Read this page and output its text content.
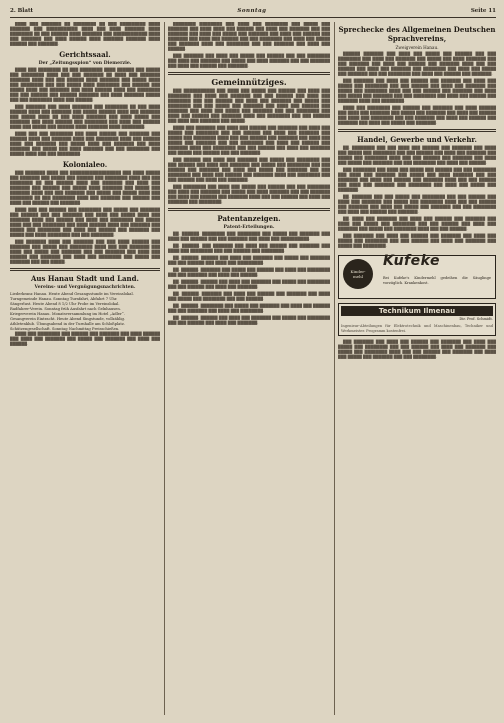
2. Blatt	Sonntag	Seite 11

████ ███ ███████ ██ ████████ ██ ███ █████████ ████ ███████ ███ ███████████ ████ ███ ████ ███████ ████ ████████ ██ ███ ██████ ████ ███████ ███ ████████████ ████ ███ ███████ ███ ████ ██████ ████ ███████ ███████ ████ ██████ ███ ███████.

Gerichtssaal.
Der „Zeitungsspion“ von Diemerzie.

████ ███ ████████ ██ ███ ████████ ████ ██████ ███ █████ ███ ████████ ████ ███ ███ ███████ ██ ████ ███ ███████ ███████ ████ ███ ███ ██████ ████ ███████ ███ █████ ████ ███ ████████ ███ ███ █████ ████ ████████ ███ ██████ ███ █████ ████ ███ ███████ ███ ████ ██████ ████ ███ ████████ ███ ███ ██████ ███ ██████ ███████ ███ ████ ███████ █████ ███ ███ ████████ ████ ███ ██████.

███ ███████ ███ ████ ███████ ███ ████████ ██ ███ ████ ██████ ████ ███ ███████ ███ █████ ██████ ████ ███ ███████ ███ █████ ████ ██ ███ ████ ███████ ███ ████ █████ ███ ███████ ███ ████ ██████ ███ ████████ ███ ████ ███ ██████ ████ ███ █████ ███ ██████ ████ ███████ ████ ████████.

████ ███ ███ ████████ ███ ████ ██████ ███ ███████ ███ ██████ ████ ███ ███████ ████ ███ ████████ ████ ███ ██████ ████ ███ ███████ ███ █████ ████ ███ ███████ ███ ████ ███████ ███ █████ ███ ████ ███████ ███ ███ ████████ ███ █████ ████ ███ ███ ████████.

Kolonialeo.

███ ███████ ████ ███ ██████████████████ ███ ████ █████ ███ ███████ ███ █████ ███ ██████ ███ ████████ ████ ███ ███ ████████ ██ ███ ██████ ████ ███ ███████ ███ ████ ███ ███████ ███ ██████ ███ █████ ████ ███████ ███ █████ ███ ███████ ████ ███ ███ ███████ ███ █████ ███ █████ ████ ███ ████████ ██ ███ ████████ ████ ███ ███████ ███ ██████ ███ ████ ███ ██████ ███ ███████.

████ ███ ███ ██████ ███ ████████ ███ █████ ███ ███████ ███ ██████ ███ ███ ███████ ███ ████ ███ █████ ████ ███ ███████ ████ ███ ██████ ███ ████ ███ ████████ ███ █████ ████ ███ ███ ████████ ███ ████ ██████ ████ ███ ███████ ███ █████ ███ ████████ ███ ████ ███ ██████ ███ ███████ ███ █████ ███ ████ ████████ ███ ███ ████████.

███ ███████ ████ ███ ███████ ███ ███ ████ ██████ ███ ███████ ███ █████ ███ ████████ ████ ███ ███ ███████ ███ ████ ███ █████ ███ ███████ ███ ███ ███████ ███ ████ ███ ██████ ███ ███████ ███ ████ ███ ████████ ███ █████ ███ ███████ ███ ███ █████.

Aus Hanau Stadt und Land.
Vereins- und Vergnügungsnachrichten.
Liederkranz Hanau. Heute Abend Gesangsstunde im Vereinslokal.
Turngemeinde Hanau. Sonntag Turnfahrt, Abfahrt 7 Uhr.
Sängerlust. Heute Abend 8 1/2 Uhr Probe im Vereinslokal.
Radfahrer-Verein. Sonntag früh Ausfahrt nach Gelnhausen.
Kriegerverein Hanau. Monatsversammlung im Hotel „Adler“.
Gesangverein Eintracht. Heute Abend Singstunde, vollzählig.
Athletenklub. Übungsabend in der Turnhalle am Schloßplatz.
Schützengesellschaft. Sonntag Nachmittag Preisschießen.

████ ███ ████████ ███ ██████ ███ ███████ ███ ████ ██████ ███ ████ ███ ███████ ███ █████ ███ ███████ ███ ████ ███ ██████.

████████ ████████ ███ ████ ███ ████████ ███ █████ ███ ███████ ███ ████ ████ ███ ██████ ███ ████ ███ ███████ ███ ███ ███████ ███ ████ ███ █████ ███ ███████ ███ ████ ███ ██████ ███ ███████ ███ ████ ███ ██████ ███ ███ ████████ ███ ████ ███ █████ ███ ███████ ████ ███ ████████ ███ ███ ███████ ███ ████ ███ ██████.

███ ███████ ███ ████ ███ █████ ███ ██████ ███ ███ ████████ ███ ████ ███ ███████ ███ █████ ███ ████ ███████ ███ ███ ███████ ███ ████ ███ ██████ ███ ███████.

Gemeinnütziges.

███ ███████████ ███ ████ ███ █████ ███ ██████ ███ ████ ███ ████████ ███ ████ ███ ███████ ███ ███ ██████ ███ ████ ███ ████████ ███ ███ ██████ ███ ████ ███ ███████ ███ █████ ███ ████████ ███ ███ █████ ███ ███████ ███ ████ ███ ██████ ███ ███████ ███ ████ ███ █████ ███ ███████ ███ ███ ████████ ███ ████ ███ ██████ ███ ███████ ████ ███ ████████ ███ ███ ██████ ███ ████ ███ ███████ ███ █████.

████ ███ ███████ ███ ████ ███ ██████ ███ ███████ ███ ████ ███ █████ ███ ████████ ███ ███ ██████ ███ ████ ███ ███████ ███ █████ ███ ████████ ████ ███ ███ ██████ ███ ███████ ███ ████ ███ █████ ███ ███████ ███ ███ ████████ ███ ████ ███ ██████ ███ ███████ ████ ███ ████████ ███ ███ ██████ ███ ████ ███ ███████ ███ █████ ███ ██████ ███ ███ ███████.

███ ██████ ███ ████ ███ ███████ ███ █████ ███ ████████ ███ ███ ██████ ███ ████ ███ ███████ ███ █████ ███ ████████ ███ ███ ██████ ███ ███████ ███ ████ ███ █████ ███ ███████ ███ ███ ████████ ███ ████ ███ ██████ ███ ███████ ████ ███ ████████ ███ ███ ██████ ███ ████ ███ ███████.

███ ████████ ███ ████ ███ █████ ███ ██████ ███ ███ ████████ ███ ████ ███ ███████ ███ █████ ███ ████ ███████ ███ ███ ███████ ███ ████ ███ ██████ ███ ███████ ████ ███ ███ ██████ ███ ████ ███ ███████ ███ ████████.

Patentanzeigen.
Patent-Erteilungen.

██. ██████. ████████ ███ ████████ ███ █████ ███ ███████ ███ ████ ███ ██████ ███ ███ ███████ ███ ████ ███ ██████████.

██. ██████. ███ ███████ ███ ████ ███ ██████ ███ ███████ ███ ████ ███ ████████ ███ ███ ██████ ███ ████████.

██. ██████. ██████ ███ ████ ███ ███████ ███ █████ ███ ███████ ███ ███ ██████ ███ ████ ███ █████████.

██. ██████. ███████ ███ █████ ███ ██████ ███ ████ ███ ████████ ███ ███ ███████ ███ ████ ███ ██████.

██. ██████. ██████ ███ ████ ███ ███████ ███ █████ ███ ████████ ███ ███ ██████ ███ ████ ███ ███████.

██. ██████. ███████ ███ ████ ███ ██████ ███ ███████ ███ ████ ███ █████ ███ ████████ ███ ███ ██████.

██. ██████. ████████ ███ █████ ███ ███████ ███ ████ ███ ██████ ███ ███ ███████ ███ ████ ███ ████████.

██. ██████. ██████ ███ ████ ███ ███████ ███ █████ ███ ████████ ███ ███ ██████ ███ ████ ███ ███████.

Sprechecke des Allgemeinen Deutschen Sprachvereins,
Zweigverein Hanau.

██████ ███████ ███ ████ ███ █████ ███ ██████ ███ ███ ████████ ███ ████ ███ ███████ ███ █████ ███ ████ ███████ ███ ███ ███████ ███ ████ ███ ██████ ███ ███████ ████ ███ ███ ██████ ███ ████ ███ ███████ ███ ████████ ███ ████ ███ █████ ███ ███████ ███ ███ ████████ ███ ████ ███ ██████ ███ ███████.

███ ███████ ███ ████ ███ ██████ ███ ███████ ███ ████ ███ █████ ███ ████████ ███ ███ ██████ ███ ████ ███ ███████ ███ █████ ███ ████████ ████ ███ ███ ██████ ███ ███████ ███ ████ ███ █████ ███ ███████ ███ ███ ████████ ███ ████ ███ ██████ ███ ███████ ████ ███ ████████.

████ ███ ████████ ███ ██████ ███ ███████ ███ ████ ██████ ███ ████ ███ ███████ ███ █████ ███ ███████ ███ ████ ███ ██████ ███ ████ ███ ████████ ███ ███ ███████ ███ ████ ███ ██████ ███ ███████ ███ ████ ███ █████ ███ ███████.

Handel, Gewerbe und Verkehr.

██. ████████ ███ ███ ████ ███ ██████ ███ ███████ ███ ████ ███ █████ ███ ████████ ███ ███ ██████ ███ ████ ███ ███████ ███ █████ ███ ████████ ████ ███ ███ ██████ ███ ███████ ███ ████ ███ █████ ███ ███████ ███ ███ ████████ ███ ████ ███ ██████.

███ ████████ ███ ████ ███ █████ ███ ██████ ███ ███ ████████ ███ ████ ███ ███████ ███ █████ ███ ████ ███████ ███ ███ ███████ ███ ████ ███ ██████ ███ ███████ ████ ███ ███ ██████ ███ ████ ███ ███████ ███ ████████ ███ ████ ███ █████ ███ ███████.

██. ███████ ███ ███ █████ ███ ████████ ███ ███ ██████ ███ ████ ███ ███████ ███ █████ ███ ████████ ████ ███ ███ ██████ ███ ███████ ███ ████ ███ █████ ███ ███████ ███ ███ ████████ ███ ████ ███ ██████ ███ ███████.

██. ████ ███ ███████ ███ ████ ███ ██████ ███ ███████ ███ ████ ███ █████ ███ ████████ ███ ███ ██████ ███ ████ ███ ███████ ███ █████ ███ ████████ ████ ███ ███ ██████.

███ ███████ ███ ████ ███ ██████ ███ ███████ ███ ████ ███ █████ ███ ████████ ███ ███ ██████ ███ ████ ███ ███████ ███ █████ ███ ████████.

Kinder-
mehl
Kufeke
Bei Kufeke's Kindermehl gedeihen die Säuglinge vorzüglich. Krankenkost.
Technikum Ilmenau
Dir. Prof. Schmidt.
Ingenieur-Abteilungen für Elektrotechnik und Maschinenbau, Techniker und Werkmeister. Programm kostenfrei.

███ ███████ ███ ████ ███ ██████ ███ ███████ ███ ████ ███ █████ ███ ████████ ███ ███ ██████ ███ ████ ███ ███████ ███ █████ ███ ████████ ████ ███ ███ ██████ ███ ███████ ███ ████ ███ █████ ███ ███████ ███ ███ ████████.
